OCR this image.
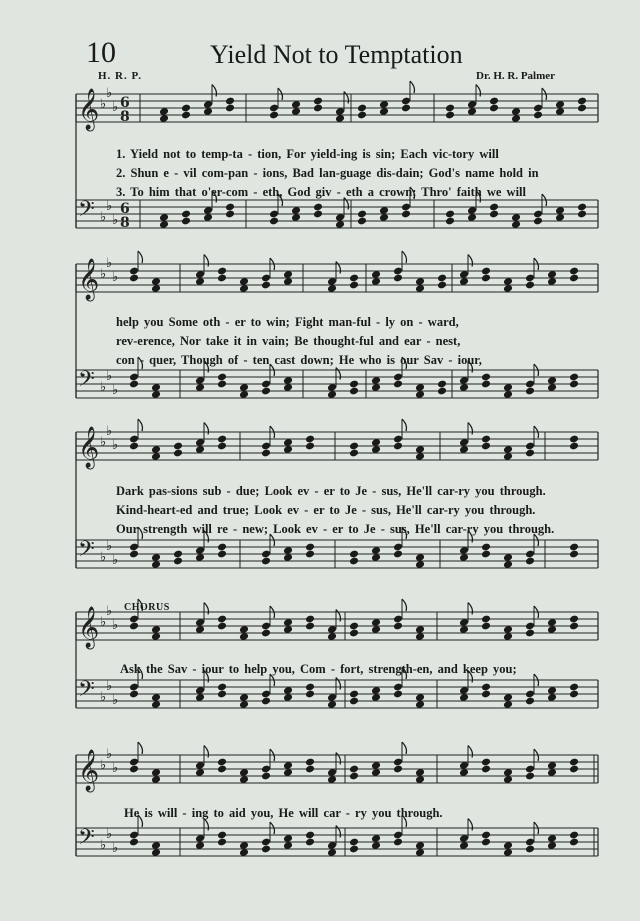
10	Yield Not to Temptation
H. R. P.	Dr. H. R. Palmer
CHORUS
𝄞 ♭
♭
♭ 6
8
𝄢 ♭
♭
♭
6
8
𝄞 ♭
♭
♭
𝄢 ♭
♭
♭
𝄞 ♭
♭
♭
𝄢 ♭
♭
♭
𝄞 ♭
♭
♭
𝄢 ♭
♭
♭
𝄞 ♭
♭
♭
𝄢 ♭
♭
♭
1. Yield not to temp-ta - tion, For yield-ing is sin; Each vic-tory will
2. Shun e - vil com-pan - ions, Bad lan-guage dis-dain; God's name hold in
3. To him that o'er-com - eth, God giv - eth a crown; Thro' faith we will
help you Some oth - er to win; Fight man-ful - ly on - ward,
rev-erence, Nor take it in vain; Be thought-ful and ear - nest,
con - quer, Though of - ten cast down; He who is our Sav - iour,
Dark pas-sions sub - due; Look ev - er to Je - sus, He'll car-ry you through.
Kind-heart-ed and true; Look ev - er to Je - sus, He'll car-ry you through.
Our strength will re - new; Look ev - er to Je - sus, He'll car-ry you through.
Ask the Sav - iour to help you, Com - fort, strength-en, and keep you;
He is will - ing to aid you, He will car - ry you through.
